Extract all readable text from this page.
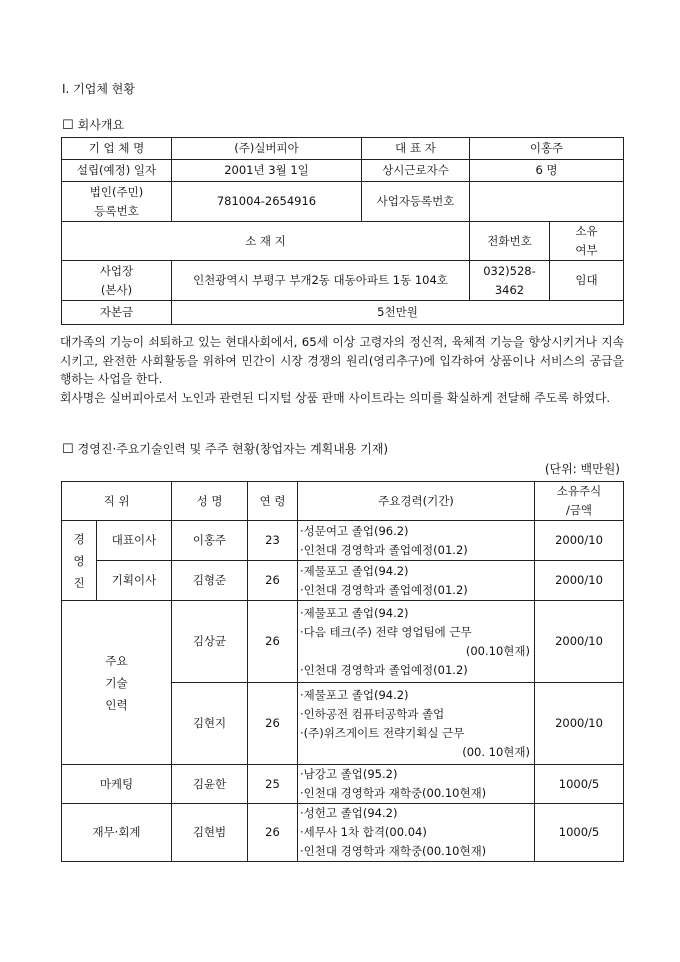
I. 기업체 현황
☐ 회사개요
기 업 체 명	(주)실버피아	대 표 자	이홍주	
설립(예정) 일자	2001년 3월 1일	상시근로자수	6 명	

법인(주민)
등록번호	781004-2654916	사업자등록번호		
소 재 지			전화번호	소유
여부

사업장
(본사)	인천광역시 부평구 부개2동 대동아파트 1동 104호		032)528-3462	임대
자본금	5천만원			

대가족의 기능이 쇠퇴하고 있는 현대사회에서, 65세 이상 고령자의 정신적, 육체적 기능을 향상시키거나 지속시키고, 완전한 사회활동을 위하여 민간이 시장 경쟁의 원리(영리추구)에 입각하여 상품이나 서비스의 공급을 행하는 사업을 한다.

회사명은 실버피아로서 노인과 관련된 디지털 상품 판매 사이트라는 의미를 확실하게 전달해 주도록 하였다.

☐ 경영진·주요기술인력 및 주주 현황(창업자는 계획내용 기재)
(단위: 백만원)
직 위		성 명	연 령	주요경력(기간)	소유주식
/금액

경
영
진	대표이사	이홍주	23	·성문여고 졸업(96.2)
·인천대 경영학과 졸업예정(01.2)	2000/10
	기획이사	김형준	26	·제물포고 졸업(94.2)
·인천대 경영학과 졸업예정(01.2)	2000/10

주요
기술
인력		김상균	26	·제물포고 졸업(94.2)
·다음 테크(주) 전략 영업팀에 근무
(00.10현재)
·인천대 경영학과 졸업예정(01.2)	2000/10
		김현지	26	·제물포고 졸업(94.2)
·인하공전 컴퓨터공학과 졸업
·(주)위즈게이트 전략기획실 근무
(00. 10현재)	2000/10
마케팅		김윤한	25	·남강고 졸업(95.2)
·인천대 경영학과 재학중(00.10현재)	1000/5
재무·회계		김현범	26	·성헌고 졸업(94.2)
·세무사 1차 합격(00.04)
·인천대 경영학과 재학중(00.10현재)	1000/5
